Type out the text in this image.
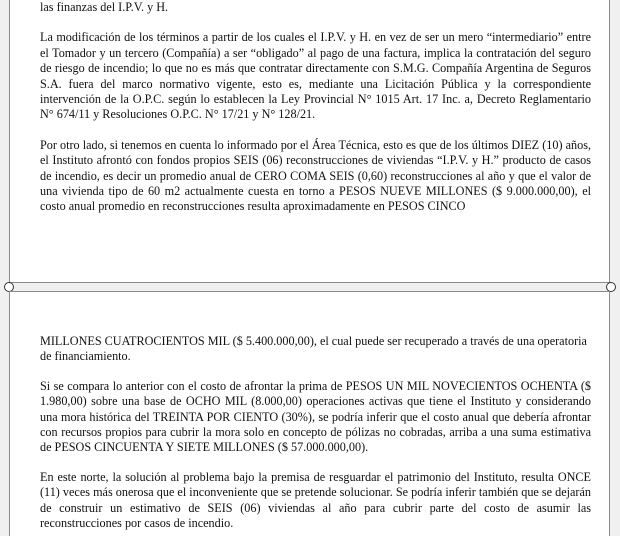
las finanzas del I.P.V. y H.

La modificación de los términos a partir de los cuales el I.P.V. y H. en vez de ser un mero “intermediario” entre el Tomador y un tercero (Compañía) a ser “obligado” al pago de una factura, implica la contratación del seguro de riesgo de incendio; lo que no es más que contratar directamente con S.M.G. Compañía Argentina de Seguros S.A. fuera del marco normativo vigente, esto es, mediante una Licitación Pública y la correspondiente intervención de la O.P.C. según lo establecen la Ley Provincial N° 1015 Art. 17 Inc. a, Decreto Reglamentario N° 674/11 y Resoluciones O.P.C. N° 17/21 y N° 128/21.

Por otro lado, si tenemos en cuenta lo informado por el Área Técnica, esto es que de los últimos DIEZ (10) años, el Instituto afrontó con fondos propios SEIS (06) reconstrucciones de viviendas “I.P.V. y H.” producto de casos de incendio, es decir un promedio anual de CERO COMA SEIS (0,60) reconstrucciones al año y que el valor de una vivienda tipo de 60 m2 actualmente cuesta en torno a PESOS NUEVE MILLONES ($ 9.000.000,00), el costo anual promedio en reconstrucciones resulta aproximadamente en PESOS CINCO

MILLONES CUATROCIENTOS MIL ($ 5.400.000,00), el cual puede ser recuperado a través de una operatoria de financiamiento.

Si se compara lo anterior con el costo de afrontar la prima de PESOS UN MIL NOVECIENTOS OCHENTA ($ 1.980,00) sobre una base de OCHO MIL (8.000,00) operaciones activas que tiene el Instituto y considerando una mora histórica del TREINTA POR CIENTO (30%), se podría inferir que el costo anual que debería afrontar con recursos propios para cubrir la mora solo en concepto de pólizas no cobradas, arriba a una suma estimativa de PESOS CINCUENTA Y SIETE MILLONES ($ 57.000.000,00).

En este norte, la solución al problema bajo la premisa de resguardar el patrimonio del Instituto, resulta ONCE (11) veces más onerosa que el inconveniente que se pretende solucionar. Se podría inferir también que se dejarán de construir un estimativo de SEIS (06) viviendas al año para cubrir parte del costo de asumir las reconstrucciones por casos de incendio.
